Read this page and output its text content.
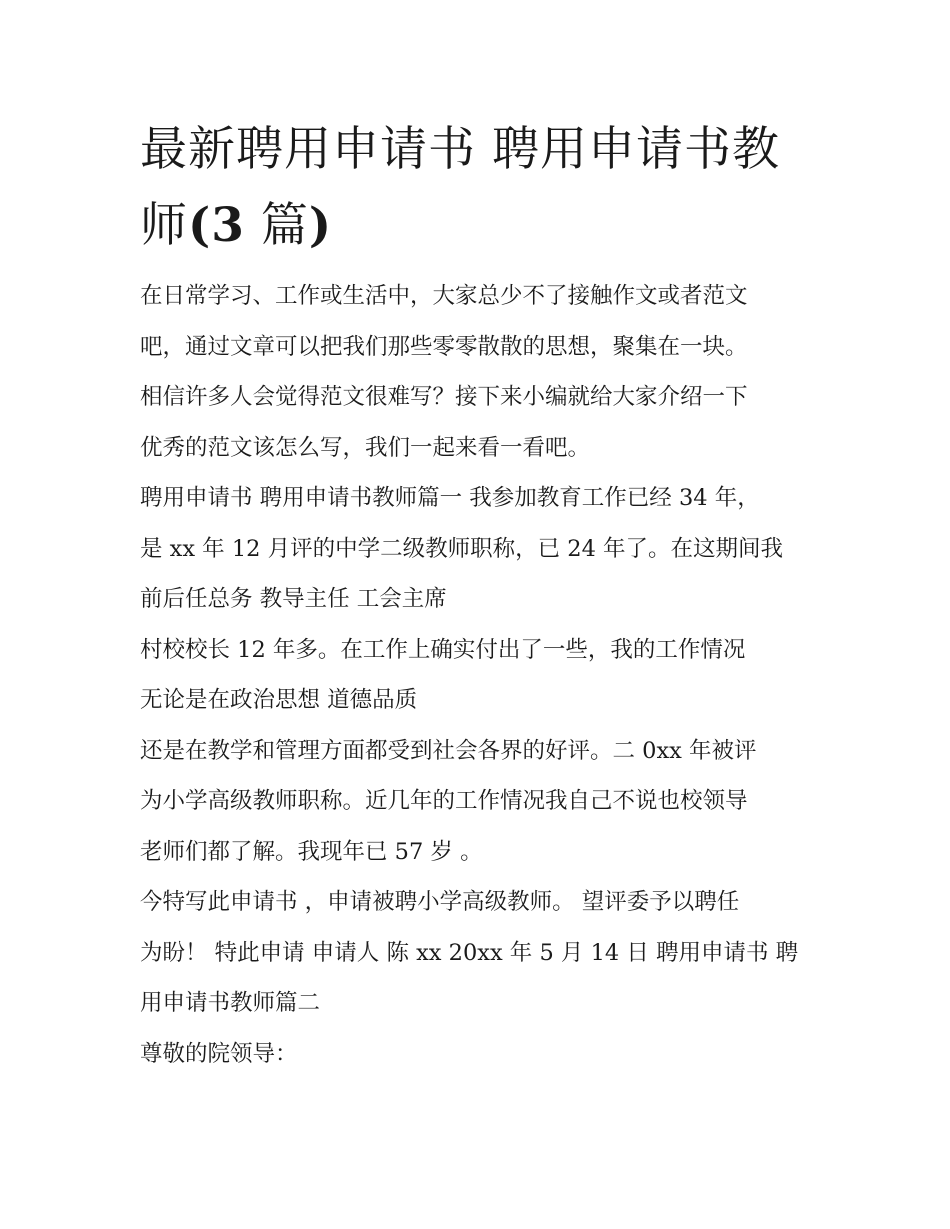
最新聘用申请书 聘用申请书教
师(3 篇)

在日常学习、工作或生活中，大家总少不了接触作文或者范文

吧，通过文章可以把我们那些零零散散的思想，聚集在一块。

相信许多人会觉得范文很难写？接下来小编就给大家介绍一下

优秀的范文该怎么写，我们一起来看一看吧。

聘用申请书 聘用申请书教师篇一 我参加教育工作已经 34 年，

是 xx 年 12 月评的中学二级教师职称，已 24 年了。在这期间我

前后任总务 教导主任 工会主席

村校校长 12 年多。在工作上确实付出了一些，我的工作情况

无论是在政治思想 道德品质

还是在教学和管理方面都受到社会各界的好评。二 0xx 年被评

为小学高级教师职称。近几年的工作情况我自己不说也校领导

老师们都了解。我现年已 57 岁 。

今特写此申请书 ，申请被聘小学高级教师。 望评委予以聘任

为盼！ 特此申请 申请人 陈 xx 20xx 年 5 月 14 日 聘用申请书 聘

用申请书教师篇二

尊敬的院领导：
